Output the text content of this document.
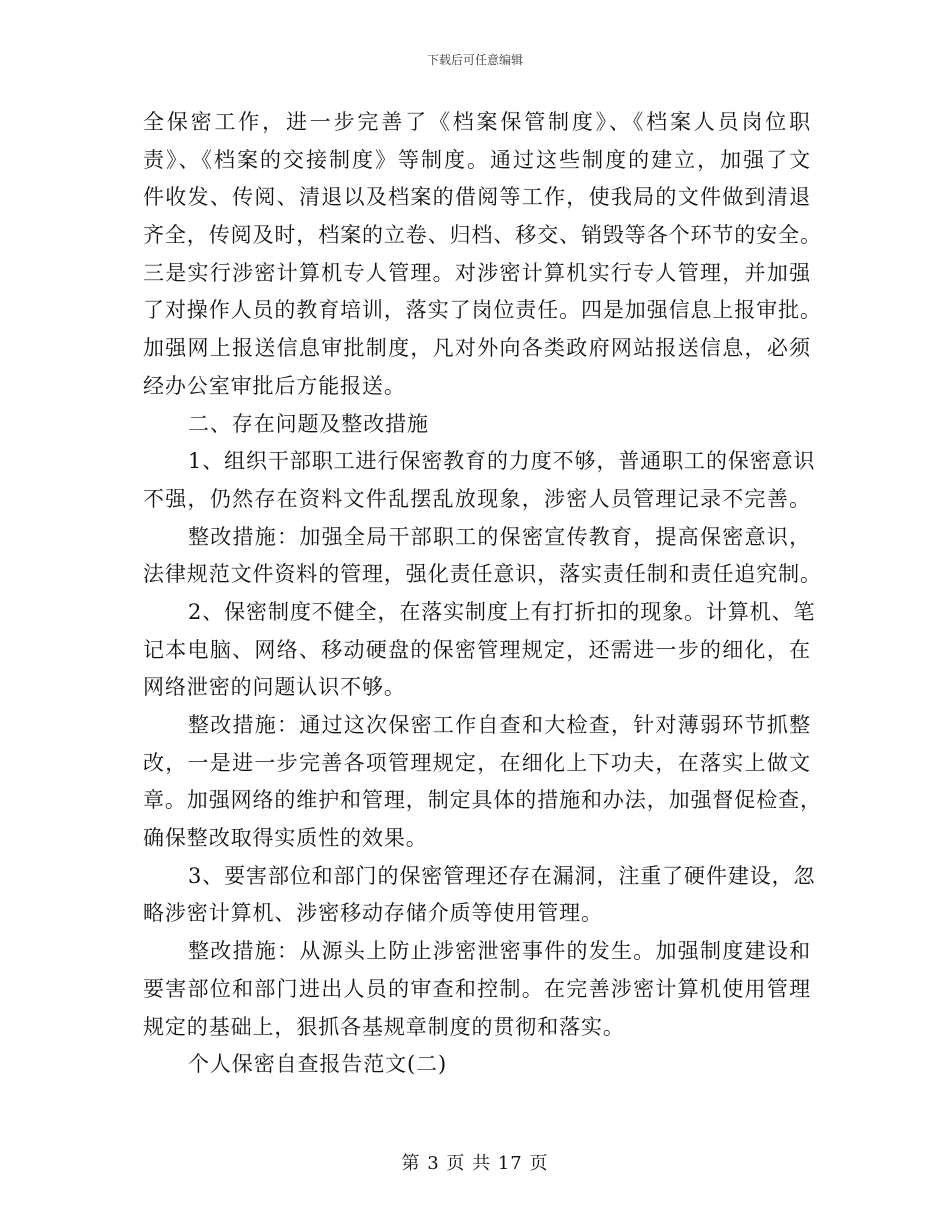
下载后可任意编辑
全保密工作，进一步完善了《档案保管制度》、《档案人员岗位职
责》、《档案的交接制度》等制度。通过这些制度的建立，加强了文
件收发、传阅、清退以及档案的借阅等工作，使我局的文件做到清退
齐全，传阅及时，档案的立卷、归档、移交、销毁等各个环节的安全。
三是实行涉密计算机专人管理。对涉密计算机实行专人管理，并加强
了对操作人员的教育培训，落实了岗位责任。四是加强信息上报审批。
加强网上报送信息审批制度，凡对外向各类政府网站报送信息，必须
经办公室审批后方能报送。
二、存在问题及整改措施
1、组织干部职工进行保密教育的力度不够，普通职工的保密意识
不强，仍然存在资料文件乱摆乱放现象，涉密人员管理记录不完善。
整改措施：加强全局干部职工的保密宣传教育，提高保密意识，
法律规范文件资料的管理，强化责任意识，落实责任制和责任追究制。
2、保密制度不健全，在落实制度上有打折扣的现象。计算机、笔
记本电脑、网络、移动硬盘的保密管理规定，还需进一步的细化，在
网络泄密的问题认识不够。
整改措施：通过这次保密工作自查和大检查，针对薄弱环节抓整
改，一是进一步完善各项管理规定，在细化上下功夫，在落实上做文
章。加强网络的维护和管理，制定具体的措施和办法，加强督促检查，
确保整改取得实质性的效果。
3、要害部位和部门的保密管理还存在漏洞，注重了硬件建设，忽
略涉密计算机、涉密移动存储介质等使用管理。
整改措施：从源头上防止涉密泄密事件的发生。加强制度建设和
要害部位和部门进出人员的审查和控制。在完善涉密计算机使用管理
规定的基础上，狠抓各基规章制度的贯彻和落实。
个人保密自查报告范文(二)
第 3 页 共 17 页
